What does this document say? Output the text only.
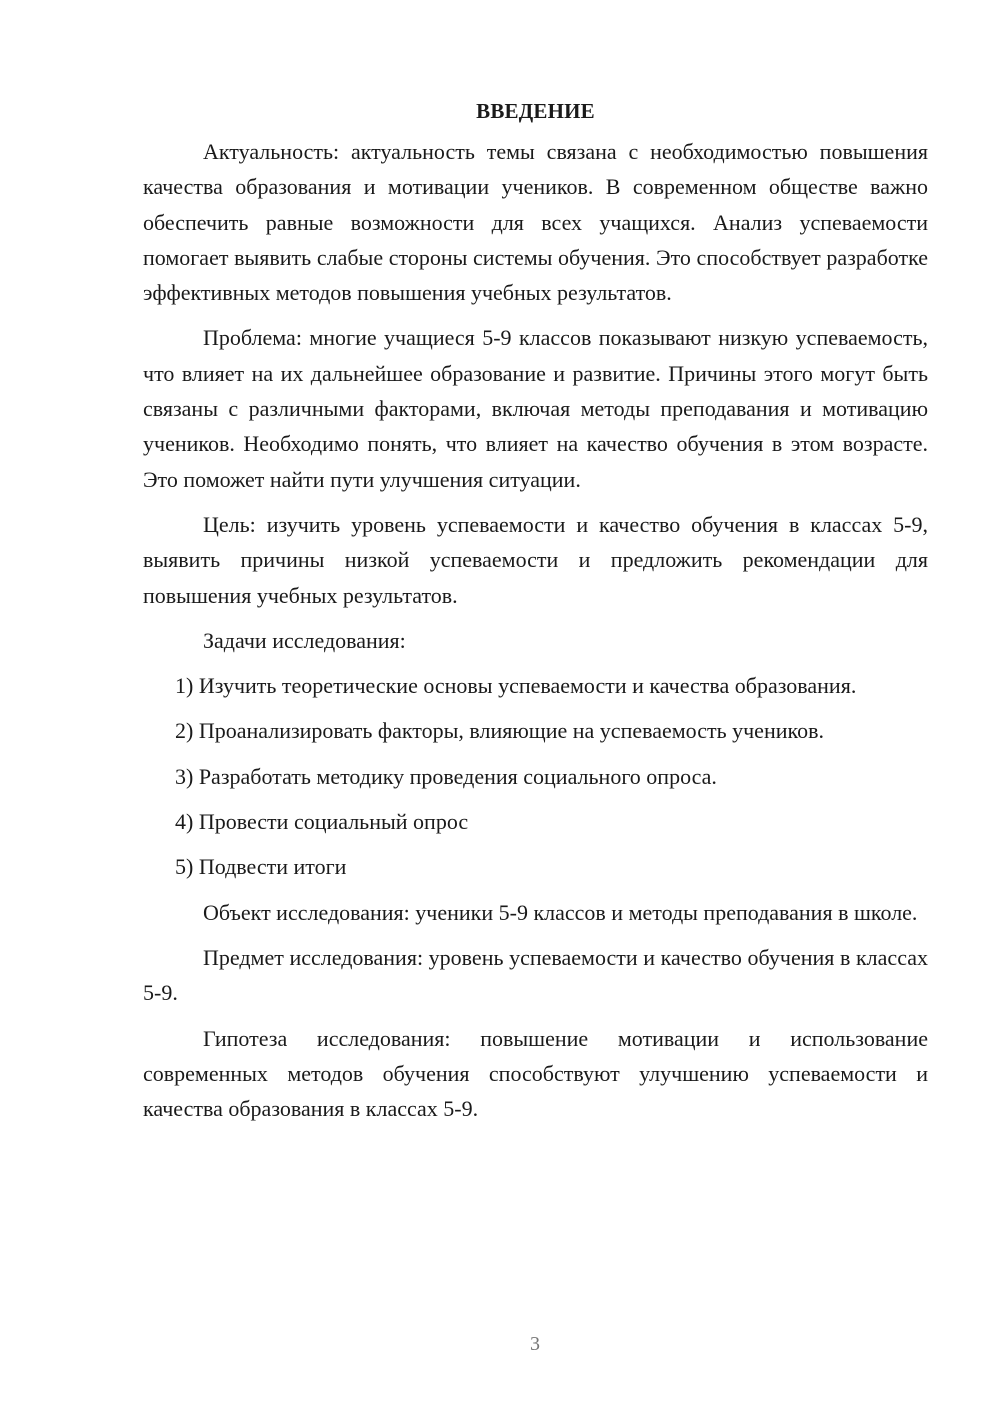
ВВЕДЕНИЕ

Актуальность: актуальность темы связана с необходимостью повышения качества образования и мотивации учеников. В современном обществе важно обеспечить равные возможности для всех учащихся. Анализ успеваемости помогает выявить слабые стороны системы обучения. Это способствует разработке эффективных методов повышения учебных результатов.

Проблема: многие учащиеся 5-9 классов показывают низкую успеваемость, что влияет на их дальнейшее образование и развитие. Причины этого могут быть связаны с различными факторами, включая методы преподавания и мотивацию учеников. Необходимо понять, что влияет на качество обучения в этом возрасте. Это поможет найти пути улучшения ситуации.

Цель: изучить уровень успеваемости и качество обучения в классах 5-9, выявить причины низкой успеваемости и предложить рекомендации для повышения учебных результатов.

Задачи исследования:

1) Изучить теоретические основы успеваемости и качества образования.

2) Проанализировать факторы, влияющие на успеваемость учеников.

3) Разработать методику проведения социального опроса.

4) Провести социальный опрос

5) Подвести итоги

Объект исследования: ученики 5-9 классов и методы преподавания в школе.

Предмет исследования: уровень успеваемости и качество обучения в классах 5-9.

Гипотеза исследования: повышение мотивации и использование современных методов обучения способствуют улучшению успеваемости и качества образования в классах 5-9.

3
